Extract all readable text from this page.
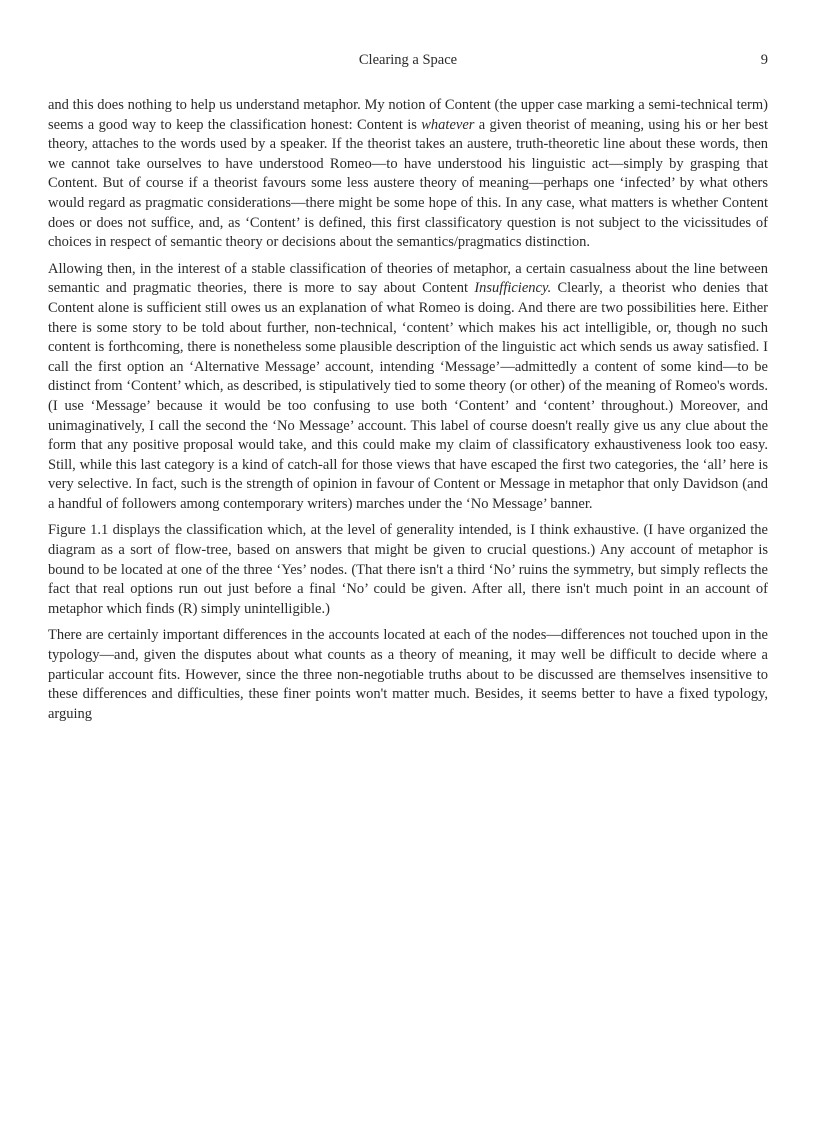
Clearing a Space	9

and this does nothing to help us understand metaphor. My notion of Content (the upper case marking a semi-technical term) seems a good way to keep the classification honest: Content is whatever a given theorist of meaning, using his or her best theory, attaches to the words used by a speaker. If the theorist takes an austere, truth-theoretic line about these words, then we cannot take ourselves to have understood Romeo—to have understood his linguistic act—simply by grasping that Content. But of course if a theorist favours some less austere theory of meaning—perhaps one ‘infected’ by what others would regard as pragmatic considerations—there might be some hope of this. In any case, what matters is whether Content does or does not suffice, and, as ‘Content’ is defined, this first classificatory question is not subject to the vicissitudes of choices in respect of semantic theory or decisions about the semantics/pragmatics distinction.

Allowing then, in the interest of a stable classification of theories of metaphor, a certain casualness about the line between semantic and pragmatic theories, there is more to say about Content Insufficiency. Clearly, a theorist who denies that Content alone is sufficient still owes us an explanation of what Romeo is doing. And there are two possibilities here. Either there is some story to be told about further, non-technical, ‘content’ which makes his act intelligible, or, though no such content is forthcoming, there is nonetheless some plausible description of the linguistic act which sends us away satisfied. I call the first option an ‘Alternative Message’ account, intending ‘Message’—admittedly a content of some kind—to be distinct from ‘Content’ which, as described, is stipulatively tied to some theory (or other) of the meaning of Romeo's words. (I use ‘Message’ because it would be too confusing to use both ‘Content’ and ‘content’ throughout.) Moreover, and unimaginatively, I call the second the ‘No Message’ account. This label of course doesn't really give us any clue about the form that any positive proposal would take, and this could make my claim of classificatory exhaustiveness look too easy. Still, while this last category is a kind of catch-all for those views that have escaped the first two categories, the ‘all’ here is very selective. In fact, such is the strength of opinion in favour of Content or Message in metaphor that only Davidson (and a handful of followers among contemporary writers) marches under the ‘No Message’ banner.

Figure 1.1 displays the classification which, at the level of generality intended, is I think exhaustive. (I have organized the diagram as a sort of flow-tree, based on answers that might be given to crucial questions.) Any account of metaphor is bound to be located at one of the three ‘Yes’ nodes. (That there isn't a third ‘No’ ruins the symmetry, but simply reflects the fact that real options run out just before a final ‘No’ could be given. After all, there isn't much point in an account of metaphor which finds (R) simply unintelligible.)

There are certainly important differences in the accounts located at each of the nodes—differences not touched upon in the typology—and, given the disputes about what counts as a theory of meaning, it may well be difficult to decide where a particular account fits. However, since the three non-negotiable truths about to be discussed are themselves insensitive to these differences and difficulties, these finer points won't matter much. Besides, it seems better to have a fixed typology, arguing
